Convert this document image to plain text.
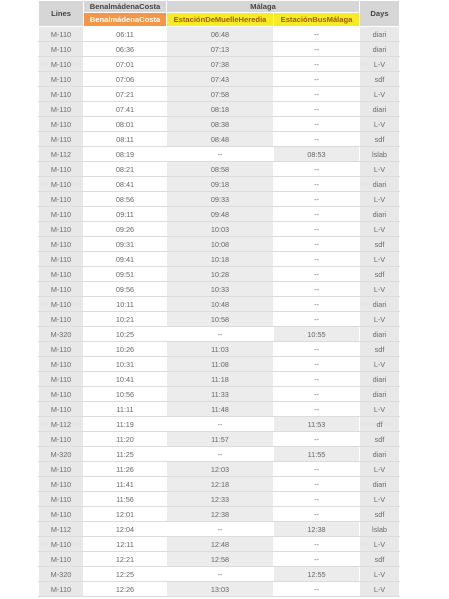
Lines	BenalmádenaCosta	Málaga		Days
	BenalmádenaCosta	EstaciónDeMuelleHeredia	EstaciónBusMálaga	
M-110	06:11	06:48	--	diari
M-110	06:36	07:13	--	diari
M-110	07:01	07:38	--	L-V
M-110	07:06	07:43	--	sdf
M-110	07:21	07:58	--	L-V
M-110	07:41	08:18	--	diari
M-110	08:01	08:38	--	L-V
M-110	08:11	08:48	--	sdf
M-112	08:19	--	08:53	lslab
M-110	08:21	08:58	--	L-V
M-110	08:41	09:18	--	diari
M-110	08:56	09:33	--	L-V
M-110	09:11	09:48	--	diari
M-110	09:26	10:03	--	L-V
M-110	09:31	10:08	--	sdf
M-110	09:41	10:18	--	L-V
M-110	09:51	10:28	--	sdf
M-110	09:56	10:33	--	L-V
M-110	10:11	10:48	--	diari
M-110	10:21	10:58	--	L-V
M-320	10:25	--	10:55	diari
M-110	10:26	11:03	--	sdf
M-110	10:31	11:08	--	L-V
M-110	10:41	11:18	--	diari
M-110	10:56	11:33	--	diari
M-110	11:11	11:48	--	L-V
M-112	11:19	--	11:53	df
M-110	11:20	11:57	--	sdf
M-320	11:25	--	11:55	diari
M-110	11:26	12:03	--	L-V
M-110	11:41	12:18	--	diari
M-110	11:56	12:33	--	L-V
M-110	12:01	12:38	--	sdf
M-112	12:04	--	12:38	lslab
M-110	12:11	12:48	--	L-V
M-110	12:21	12:58	--	sdf
M-320	12:25	--	12:55	L-V
M-110	12:26	13:03	--	L-V
